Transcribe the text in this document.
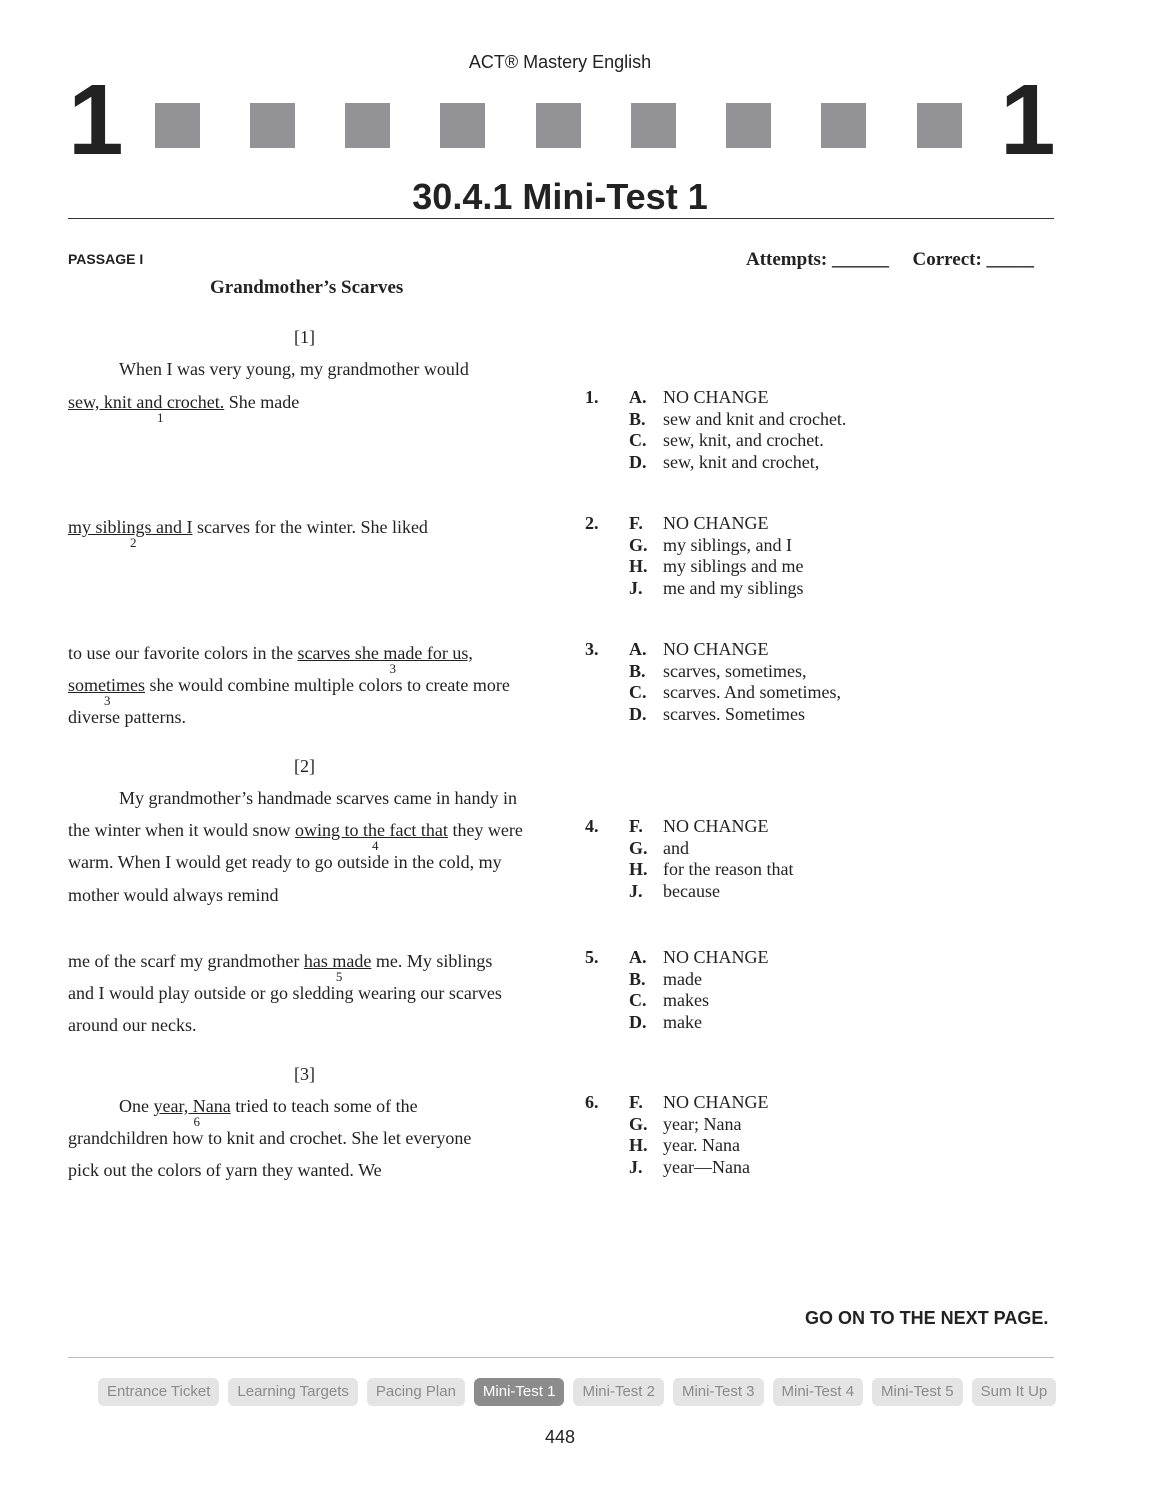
ACT® Mastery English
1	1
30.4.1 Mini-Test 1
PASSAGE I	Attempts: ______ Correct: _____
Grandmother’s Scarves
[1]
When I was very young, my grandmother would
sew, knit and crochet.
1
She made
my siblings and I
2
scarves for the winter. She liked
to use our favorite colors in the scarves she made for us,
3
sometimes
3
she would combine multiple colors to create more
diverse patterns.
[2]
My grandmother’s handmade scarves came in handy in
the winter when it would snow owing to the fact that
4
they were
warm. When I would get ready to go outside in the cold, my
mother would always remind
me of the scarf my grandmother has made
5
me. My siblings
and I would play outside or go sledding wearing our scarves
around our necks.
[3]
One year, Nana
6
tried to teach some of the
grandchildren how to knit and crochet. She let everyone
pick out the colors of yarn they wanted. We
1. A. NO CHANGE
B. sew and knit and crochet.
C. sew, knit, and crochet.
D. sew, knit and crochet,
2. F. NO CHANGE
G. my siblings, and I
H. my siblings and me
J. me and my siblings
3. A. NO CHANGE
B. scarves, sometimes,
C. scarves. And sometimes,
D. scarves. Sometimes
4. F. NO CHANGE
G. and
H. for the reason that
J. because
5. A. NO CHANGE
B. made
C. makes
D. make
6. F. NO CHANGE
G. year; Nana
H. year. Nana
J. year—Nana
GO ON TO THE NEXT PAGE.
Entrance Ticket	Learning Targets	Pacing Plan	Mini-Test 1	Mini-Test 2	Mini-Test 3	Mini-Test 4	Mini-Test 5	Sum It Up
448
